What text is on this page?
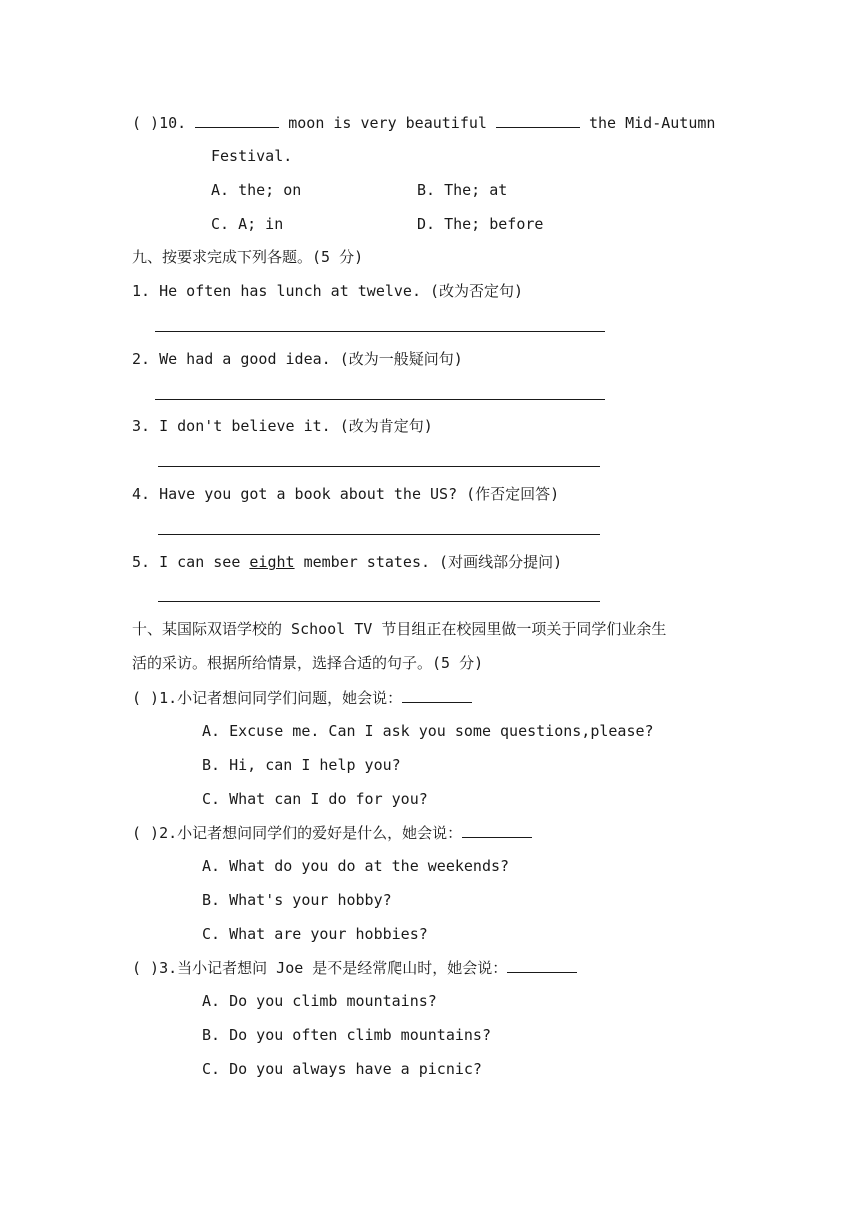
( )10.	moon is very beautiful	the Mid-Autumn
Festival.
A. the; on	B. The; at
C. A; in	D. The; before
九、按要求完成下列各题。(5 分)
1. He often has lunch at twelve. (改为否定句)
2. We had a good idea. (改为一般疑问句)
3. I don't believe it. (改为肯定句)
4. Have you got a book about the US? (作否定回答)
5. I can see eight member states. (对画线部分提问)
十、某国际双语学校的 School TV 节目组正在校园里做一项关于同学们业余生
活的采访。根据所给情景，选择合适的句子。(5 分)
( )1.小记者想问同学们问题，她会说：
A. Excuse me. Can I ask you some questions,please?
B. Hi, can I help you?
C. What can I do for you?
( )2.小记者想问同学们的爱好是什么，她会说：
A. What do you do at the weekends?
B. What's your hobby?
C. What are your hobbies?
( )3.当小记者想问 Joe 是不是经常爬山时，她会说：
A. Do you climb mountains?
B. Do you often climb mountains?
C. Do you always have a picnic?
